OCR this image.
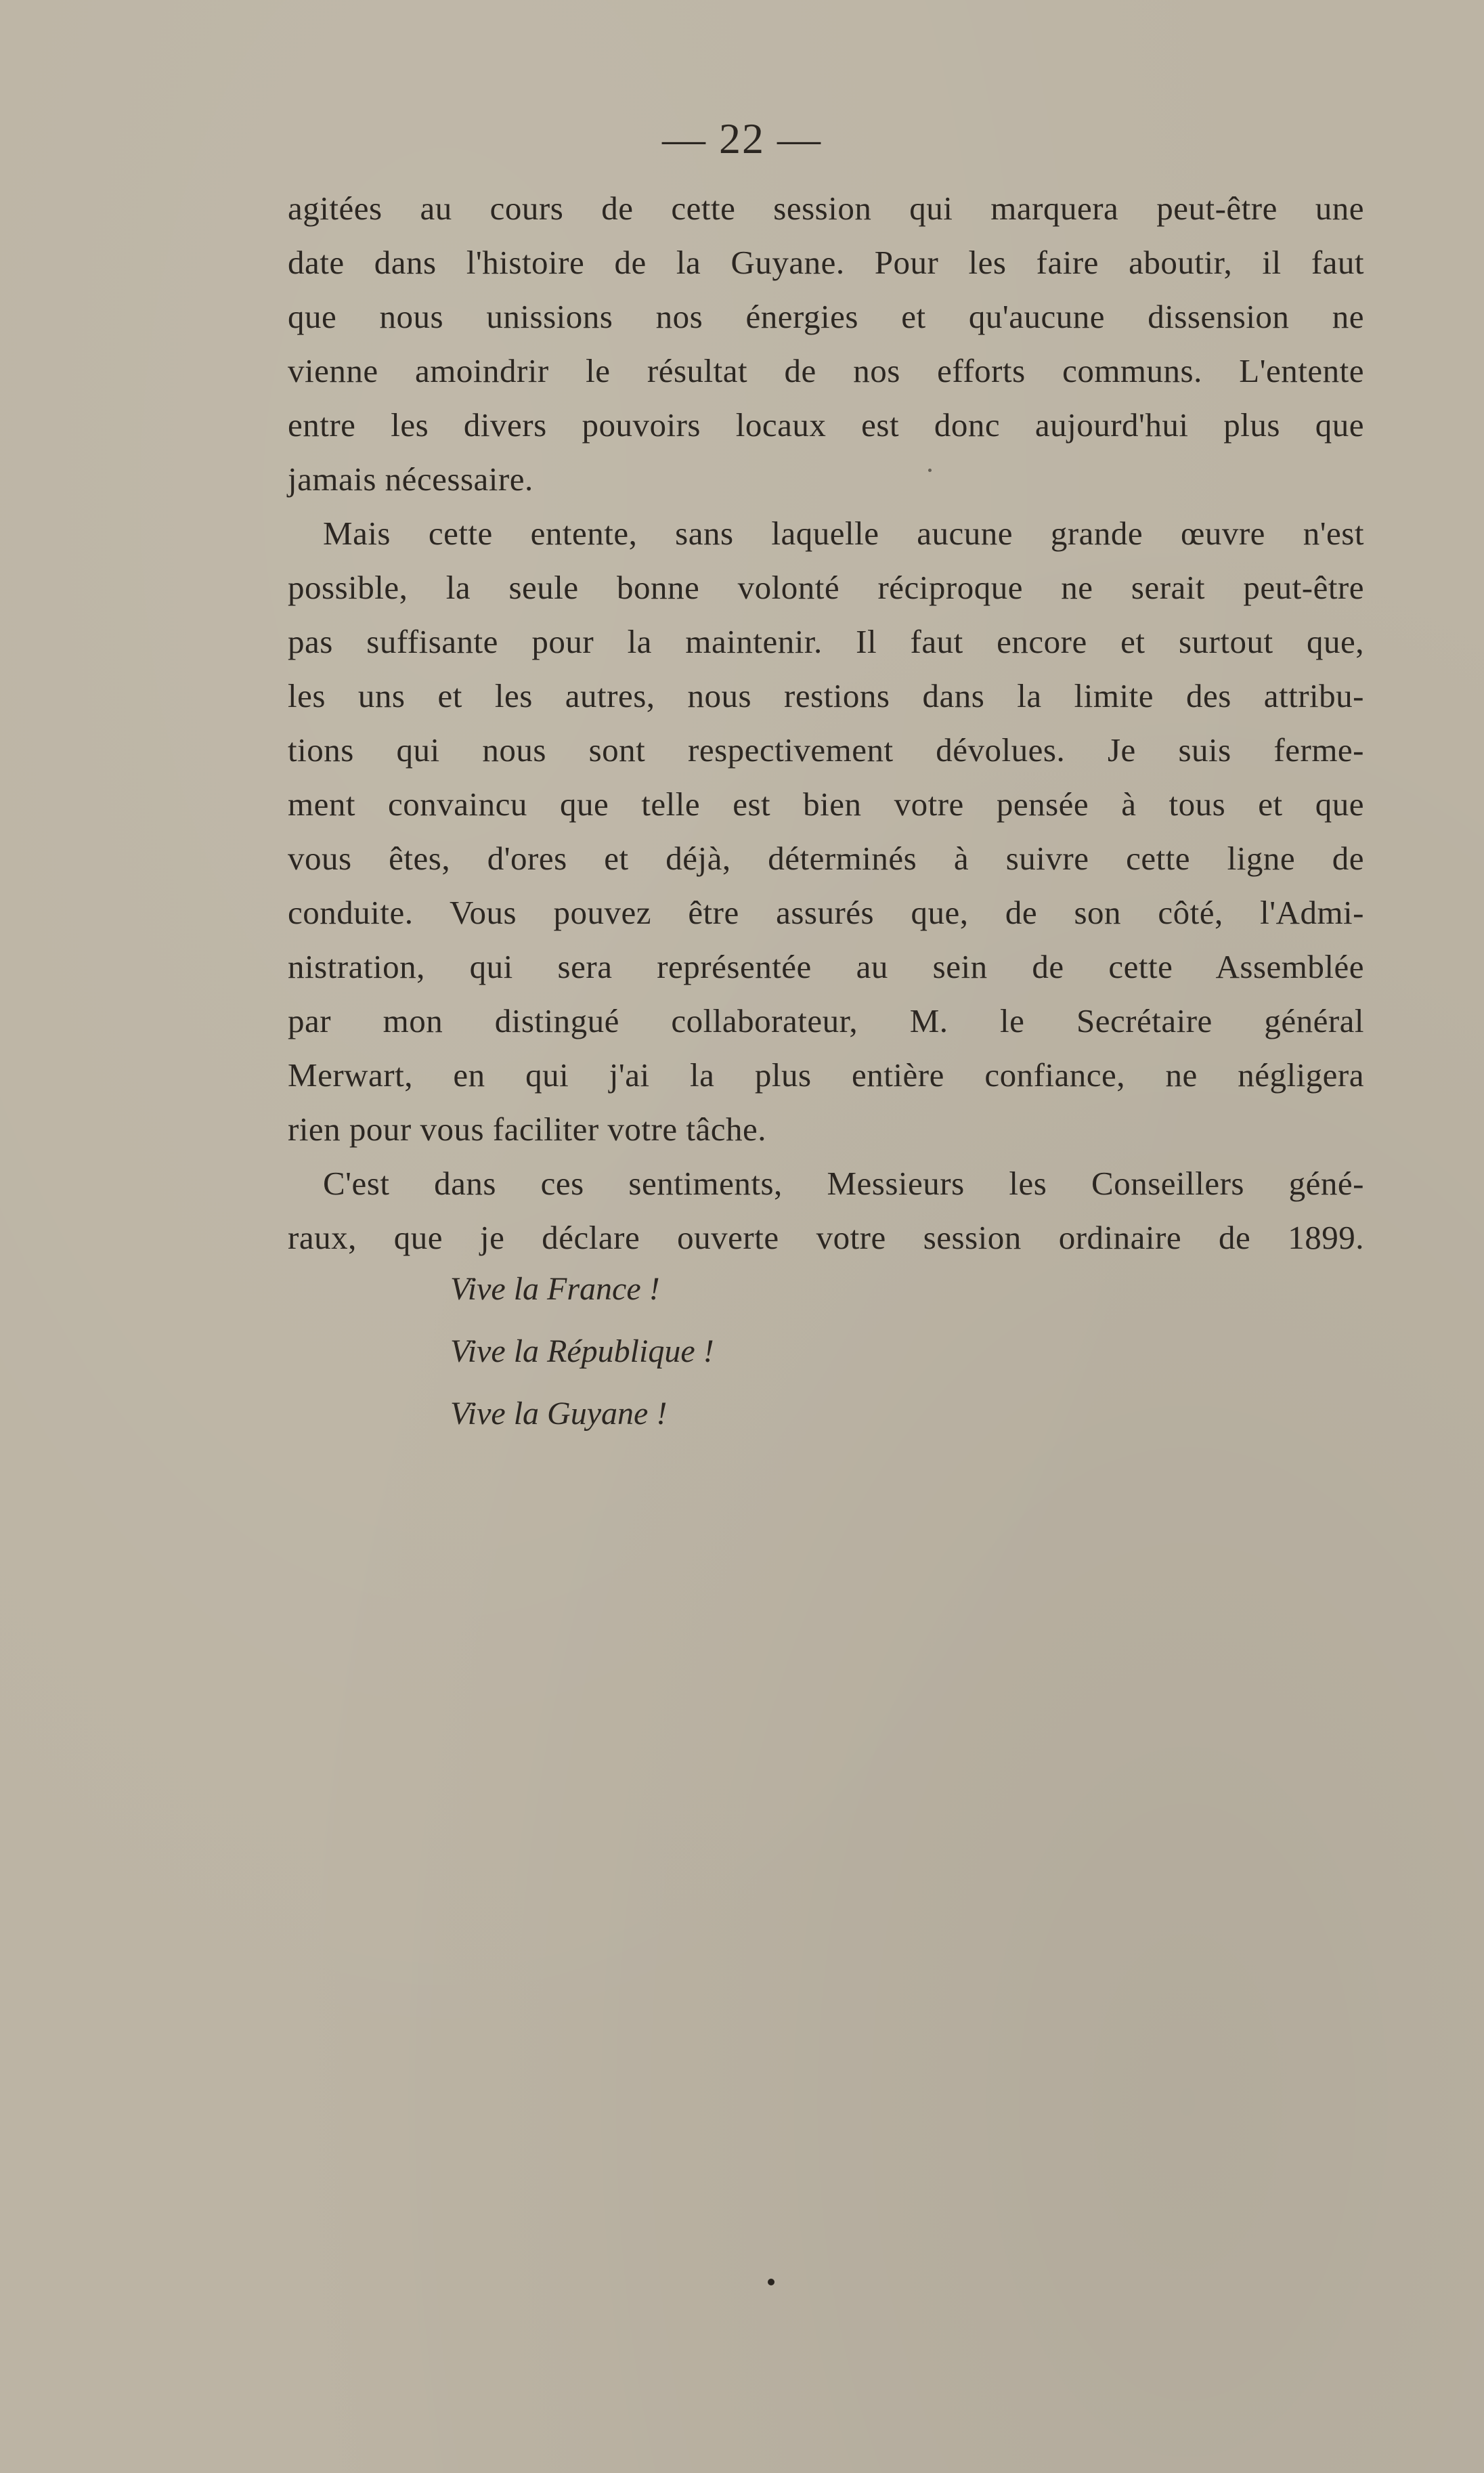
— 22 —
agitées au cours de cette session qui marquera peut-être une
date dans l'histoire de la Guyane. Pour les faire aboutir, il faut
que nous unissions nos énergies et qu'aucune dissension ne
vienne amoindrir le résultat de nos efforts communs. L'entente
entre les divers pouvoirs locaux est donc aujourd'hui plus que
jamais nécessaire.
Mais cette entente, sans laquelle aucune grande œuvre n'est
possible, la seule bonne volonté réciproque ne serait peut-être
pas suffisante pour la maintenir. Il faut encore et surtout que,
les uns et les autres, nous restions dans la limite des attribu-
tions qui nous sont respectivement dévolues. Je suis ferme-
ment convaincu que telle est bien votre pensée à tous et que
vous êtes, d'ores et déjà, déterminés à suivre cette ligne de
conduite. Vous pouvez être assurés que, de son côté, l'Admi-
nistration, qui sera représentée au sein de cette Assemblée
par mon distingué collaborateur, M. le Secrétaire général
Merwart, en qui j'ai la plus entière confiance, ne négligera
rien pour vous faciliter votre tâche.
C'est dans ces sentiments, Messieurs les Conseillers géné-
raux, que je déclare ouverte votre session ordinaire de 1899.
Vive la France !
Vive la République !
Vive la Guyane !
